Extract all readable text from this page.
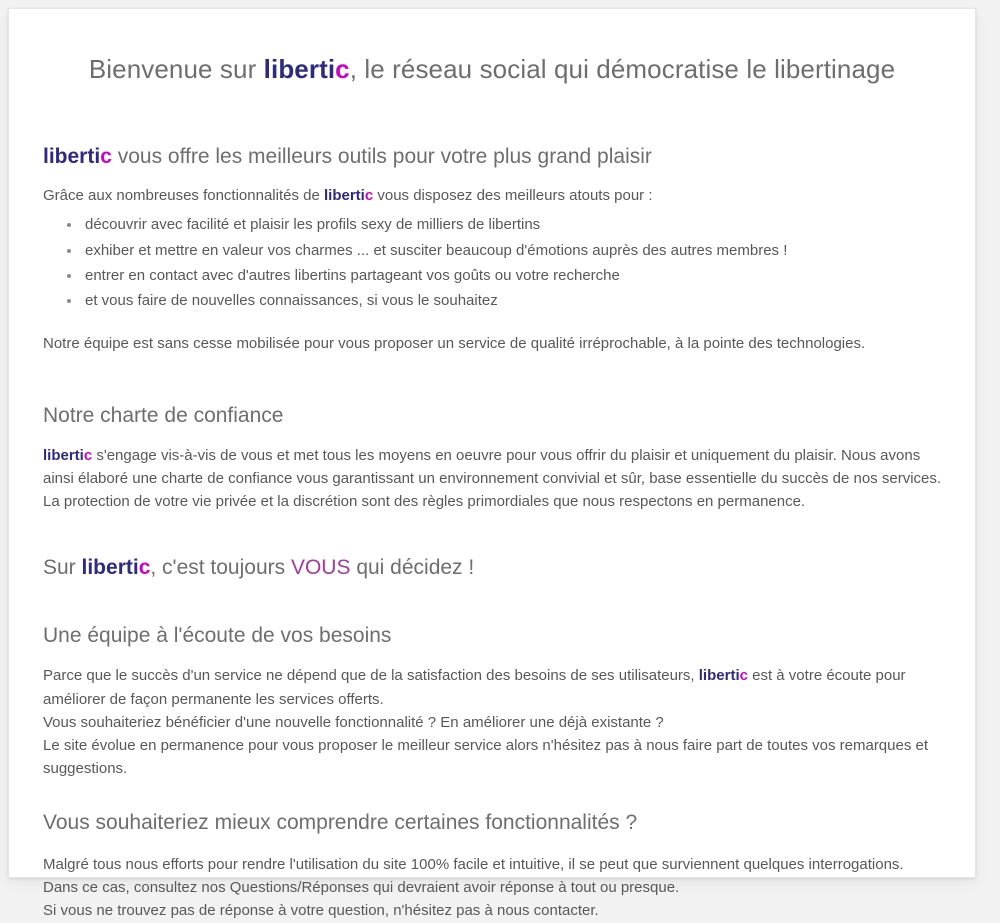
Bienvenue sur libertic, le réseau social qui démocratise le libertinage
libertic vous offre les meilleurs outils pour votre plus grand plaisir

Grâce aux nombreuses fonctionnalités de libertic vous disposez des meilleurs atouts pour :

découvrir avec facilité et plaisir les profils sexy de milliers de libertins
exhiber et mettre en valeur vos charmes ... et susciter beaucoup d'émotions auprès des autres membres !
entrer en contact avec d'autres libertins partageant vos goûts ou votre recherche
et vous faire de nouvelles connaissances, si vous le souhaitez

Notre équipe est sans cesse mobilisée pour vous proposer un service de qualité irréprochable, à la pointe des technologies.

Notre charte de confiance

libertic s'engage vis-à-vis de vous et met tous les moyens en oeuvre pour vous offrir du plaisir et uniquement du plaisir. Nous avons ainsi élaboré une charte de confiance vous garantissant un environnement convivial et sûr, base essentielle du succès de nos services.

La protection de votre vie privée et la discrétion sont des règles primordiales que nous respectons en permanence.

Sur libertic, c'est toujours VOUS qui décidez !
Une équipe à l'écoute de vos besoins

Parce que le succès d'un service ne dépend que de la satisfaction des besoins de ses utilisateurs, libertic est à votre écoute pour améliorer de façon permanente les services offerts.

Vous souhaiteriez bénéficier d'une nouvelle fonctionnalité ? En améliorer une déjà existante ?

Le site évolue en permanence pour vous proposer le meilleur service alors n'hésitez pas à nous faire part de toutes vos remarques et suggestions.

Vous souhaiteriez mieux comprendre certaines fonctionnalités ?

Malgré tous nous efforts pour rendre l'utilisation du site 100% facile et intuitive, il se peut que surviennent quelques interrogations.

Dans ce cas, consultez nos Questions/Réponses qui devraient avoir réponse à tout ou presque.

Si vous ne trouvez pas de réponse à votre question, n'hésitez pas à nous contacter.
